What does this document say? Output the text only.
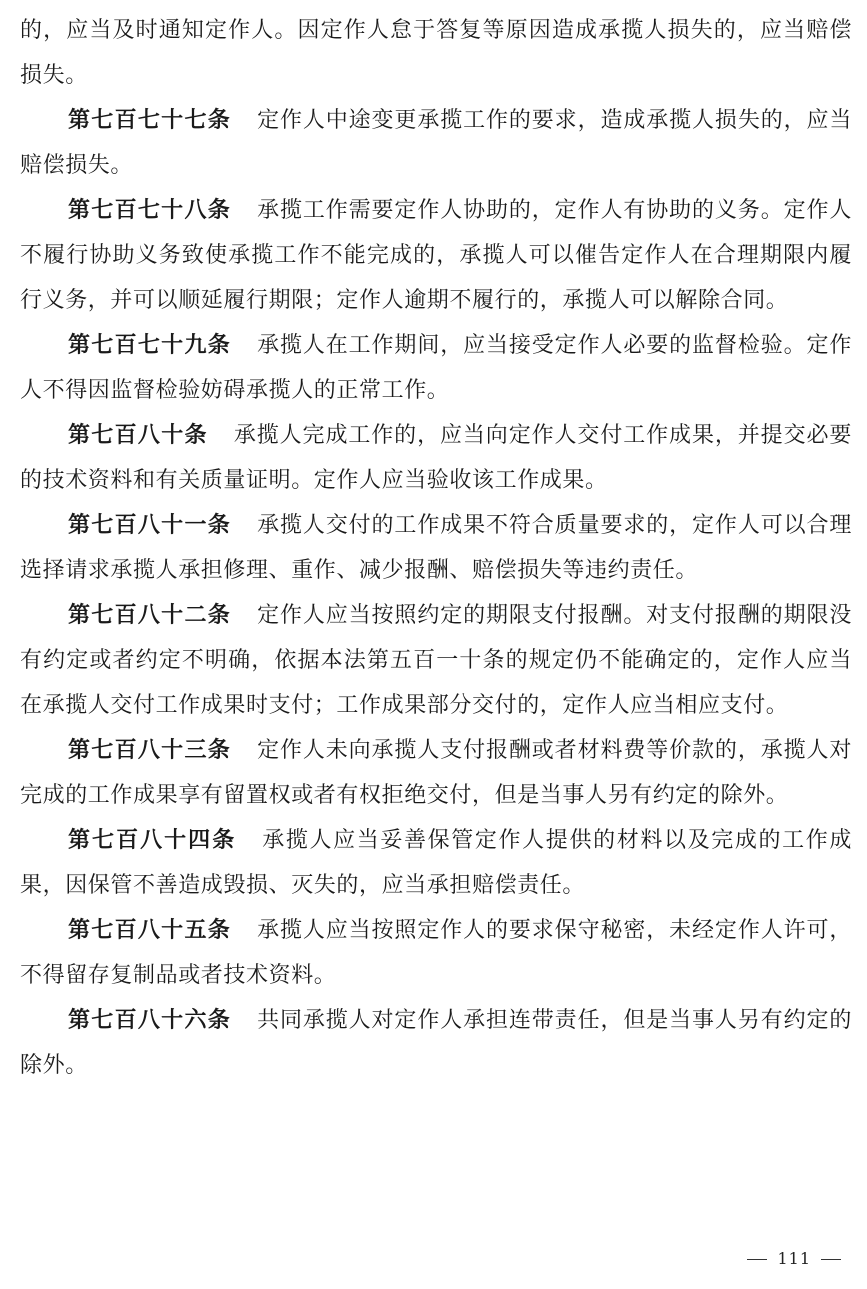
的，应当及时通知定作人。因定作人怠于答复等原因造成承揽人损失的，应当赔偿损失。

第七百七十七条 定作人中途变更承揽工作的要求，造成承揽人损失的，应当赔偿损失。

第七百七十八条 承揽工作需要定作人协助的，定作人有协助的义务。定作人不履行协助义务致使承揽工作不能完成的，承揽人可以催告定作人在合理期限内履行义务，并可以顺延履行期限；定作人逾期不履行的，承揽人可以解除合同。

第七百七十九条 承揽人在工作期间，应当接受定作人必要的监督检验。定作人不得因监督检验妨碍承揽人的正常工作。

第七百八十条 承揽人完成工作的，应当向定作人交付工作成果，并提交必要的技术资料和有关质量证明。定作人应当验收该工作成果。

第七百八十一条 承揽人交付的工作成果不符合质量要求的，定作人可以合理选择请求承揽人承担修理、重作、减少报酬、赔偿损失等违约责任。

第七百八十二条 定作人应当按照约定的期限支付报酬。对支付报酬的期限没有约定或者约定不明确，依据本法第五百一十条的规定仍不能确定的，定作人应当在承揽人交付工作成果时支付；工作成果部分交付的，定作人应当相应支付。

第七百八十三条 定作人未向承揽人支付报酬或者材料费等价款的，承揽人对完成的工作成果享有留置权或者有权拒绝交付，但是当事人另有约定的除外。

第七百八十四条 承揽人应当妥善保管定作人提供的材料以及完成的工作成果，因保管不善造成毁损、灭失的，应当承担赔偿责任。

第七百八十五条 承揽人应当按照定作人的要求保守秘密，未经定作人许可，不得留存复制品或者技术资料。

第七百八十六条 共同承揽人对定作人承担连带责任，但是当事人另有约定的除外。

111
